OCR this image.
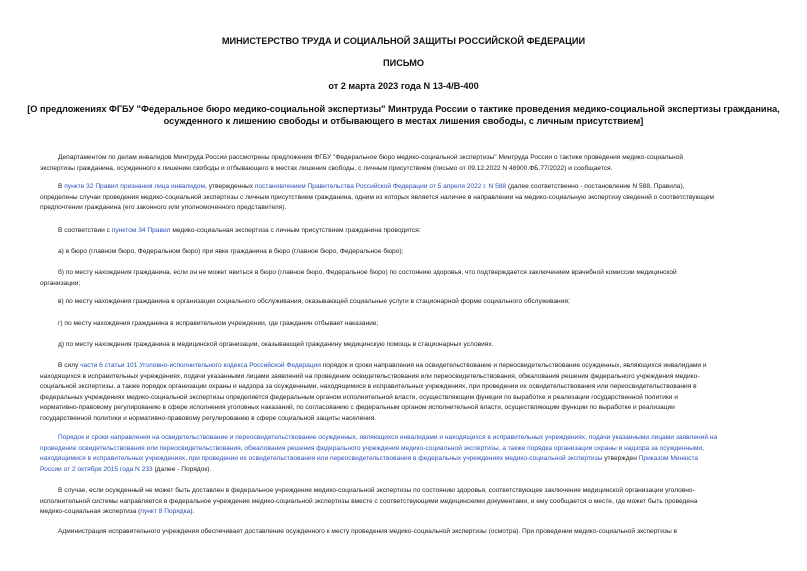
МИНИСТЕРСТВО ТРУДА И СОЦИАЛЬНОЙ ЗАЩИТЫ РОССИЙСКОЙ ФЕДЕРАЦИИ
ПИСЬМО
от 2 марта 2023 года N 13-4/В-400
[О предложениях ФГБУ "Федеральное бюро медико-социальной экспертизы" Минтруда России о тактике проведения медико-социальной экспертизы гражданина,
осужденного к лишению свободы и отбывающего в местах лишения свободы, с личным присутствием]
Департаментом по делам инвалидов Минтруда России рассмотрены предложения ФГБУ "Федеральное бюро медико-социальной экспертизы" Минтруда России о тактике проведения медико-социальной
экспертизы гражданина, осужденного к лишению свободы и отбывающего в местах лишения свободы, с личным присутствием (письмо от 09.12.2022 N 48900.ФБ.77/2022) и сообщается.
В пункте 32 Правил признания лица инвалидом, утвержденных постановлением Правительства Российской Федерации от 5 апреля 2022 г. N 588 (далее соответственно - постановление N 588, Правила),
определены случаи проведения медико-социальной экспертизы с личным присутствием гражданина, одним из которых является наличие в направлении на медико-социальную экспертизу сведений о соответствующем
предпочтении гражданина (его законного или уполномоченного представителя).
В соответствии с пунктом 34 Правил медико-социальная экспертиза с личным присутствием гражданина проводится:
а) в бюро (главном бюро, Федеральном бюро) при явке гражданина в бюро (главное бюро, Федеральное бюро);
б) по месту нахождения гражданина, если он не может явиться в бюро (главное бюро, Федеральное бюро) по состоянию здоровья, что подтверждается заключением врачебной комиссии медицинской
организации;
в) по месту нахождения гражданина в организации социального обслуживания, оказывающей социальные услуги в стационарной форме социального обслуживания;
г) по месту нахождения гражданина в исправительном учреждении, где гражданин отбывает наказание;
д) по месту нахождения гражданина в медицинской организации, оказывающей гражданину медицинскую помощь в стационарных условиях.
В силу части 6 статьи 101 Уголовно-исполнительного кодекса Российской Федерации порядок и сроки направления на освидетельствование и переосвидетельствование осужденных, являющихся инвалидами и
находящихся в исправительных учреждениях, подачи указанными лицами заявлений на проведение освидетельствования или переосвидетельствования, обжалования решения федерального учреждения медико-
социальной экспертизы, а также порядок организации охраны и надзора за осужденными, находящимися в исправительных учреждениях, при проведении их освидетельствования или переосвидетельствования в
федеральных учреждениях медико-социальной экспертизы определяется федеральным органом исполнительной власти, осуществляющим функции по выработке и реализации государственной политики и
нормативно-правовому регулированию в сфере исполнения уголовных наказаний, по согласованию с федеральным органом исполнительной власти, осуществляющим функции по выработке и реализации
государственной политики и нормативно-правовому регулированию в сфере социальной защиты населения.
Порядок и сроки направления на освидетельствование и переосвидетельствование осужденных, являющихся инвалидами и находящихся в исправительных учреждениях, подачи указанными лицами заявлений на
проведение освидетельствования или переосвидетельствования, обжалования решения федерального учреждения медико-социальной экспертизы, а также порядка организации охраны и надзора за осужденными,
находящимися в исправительных учреждениях, при проведении их освидетельствования или переосвидетельствования в федеральных учреждениях медико-социальной экспертизы утвержден Приказом Минюста
России от 2 октября 2015 года N 233 (далее - Порядок).
В случае, если осужденный не может быть доставлен в федеральное учреждение медико-социальной экспертизы по состоянию здоровья, соответствующее заключение медицинской организации уголовно-
исполнительной системы направляется в федеральное учреждение медико-социальной экспертизы вместе с соответствующими медицинскими документами, и ему сообщается о месте, где может быть проведена
медико-социальная экспертиза (пункт 8 Порядка).
Администрация исправительного учреждения обеспечивает доставление осужденного к месту проведения медико-социальной экспертизы (осмотра). При проведении медико-социальной экспертизы в
